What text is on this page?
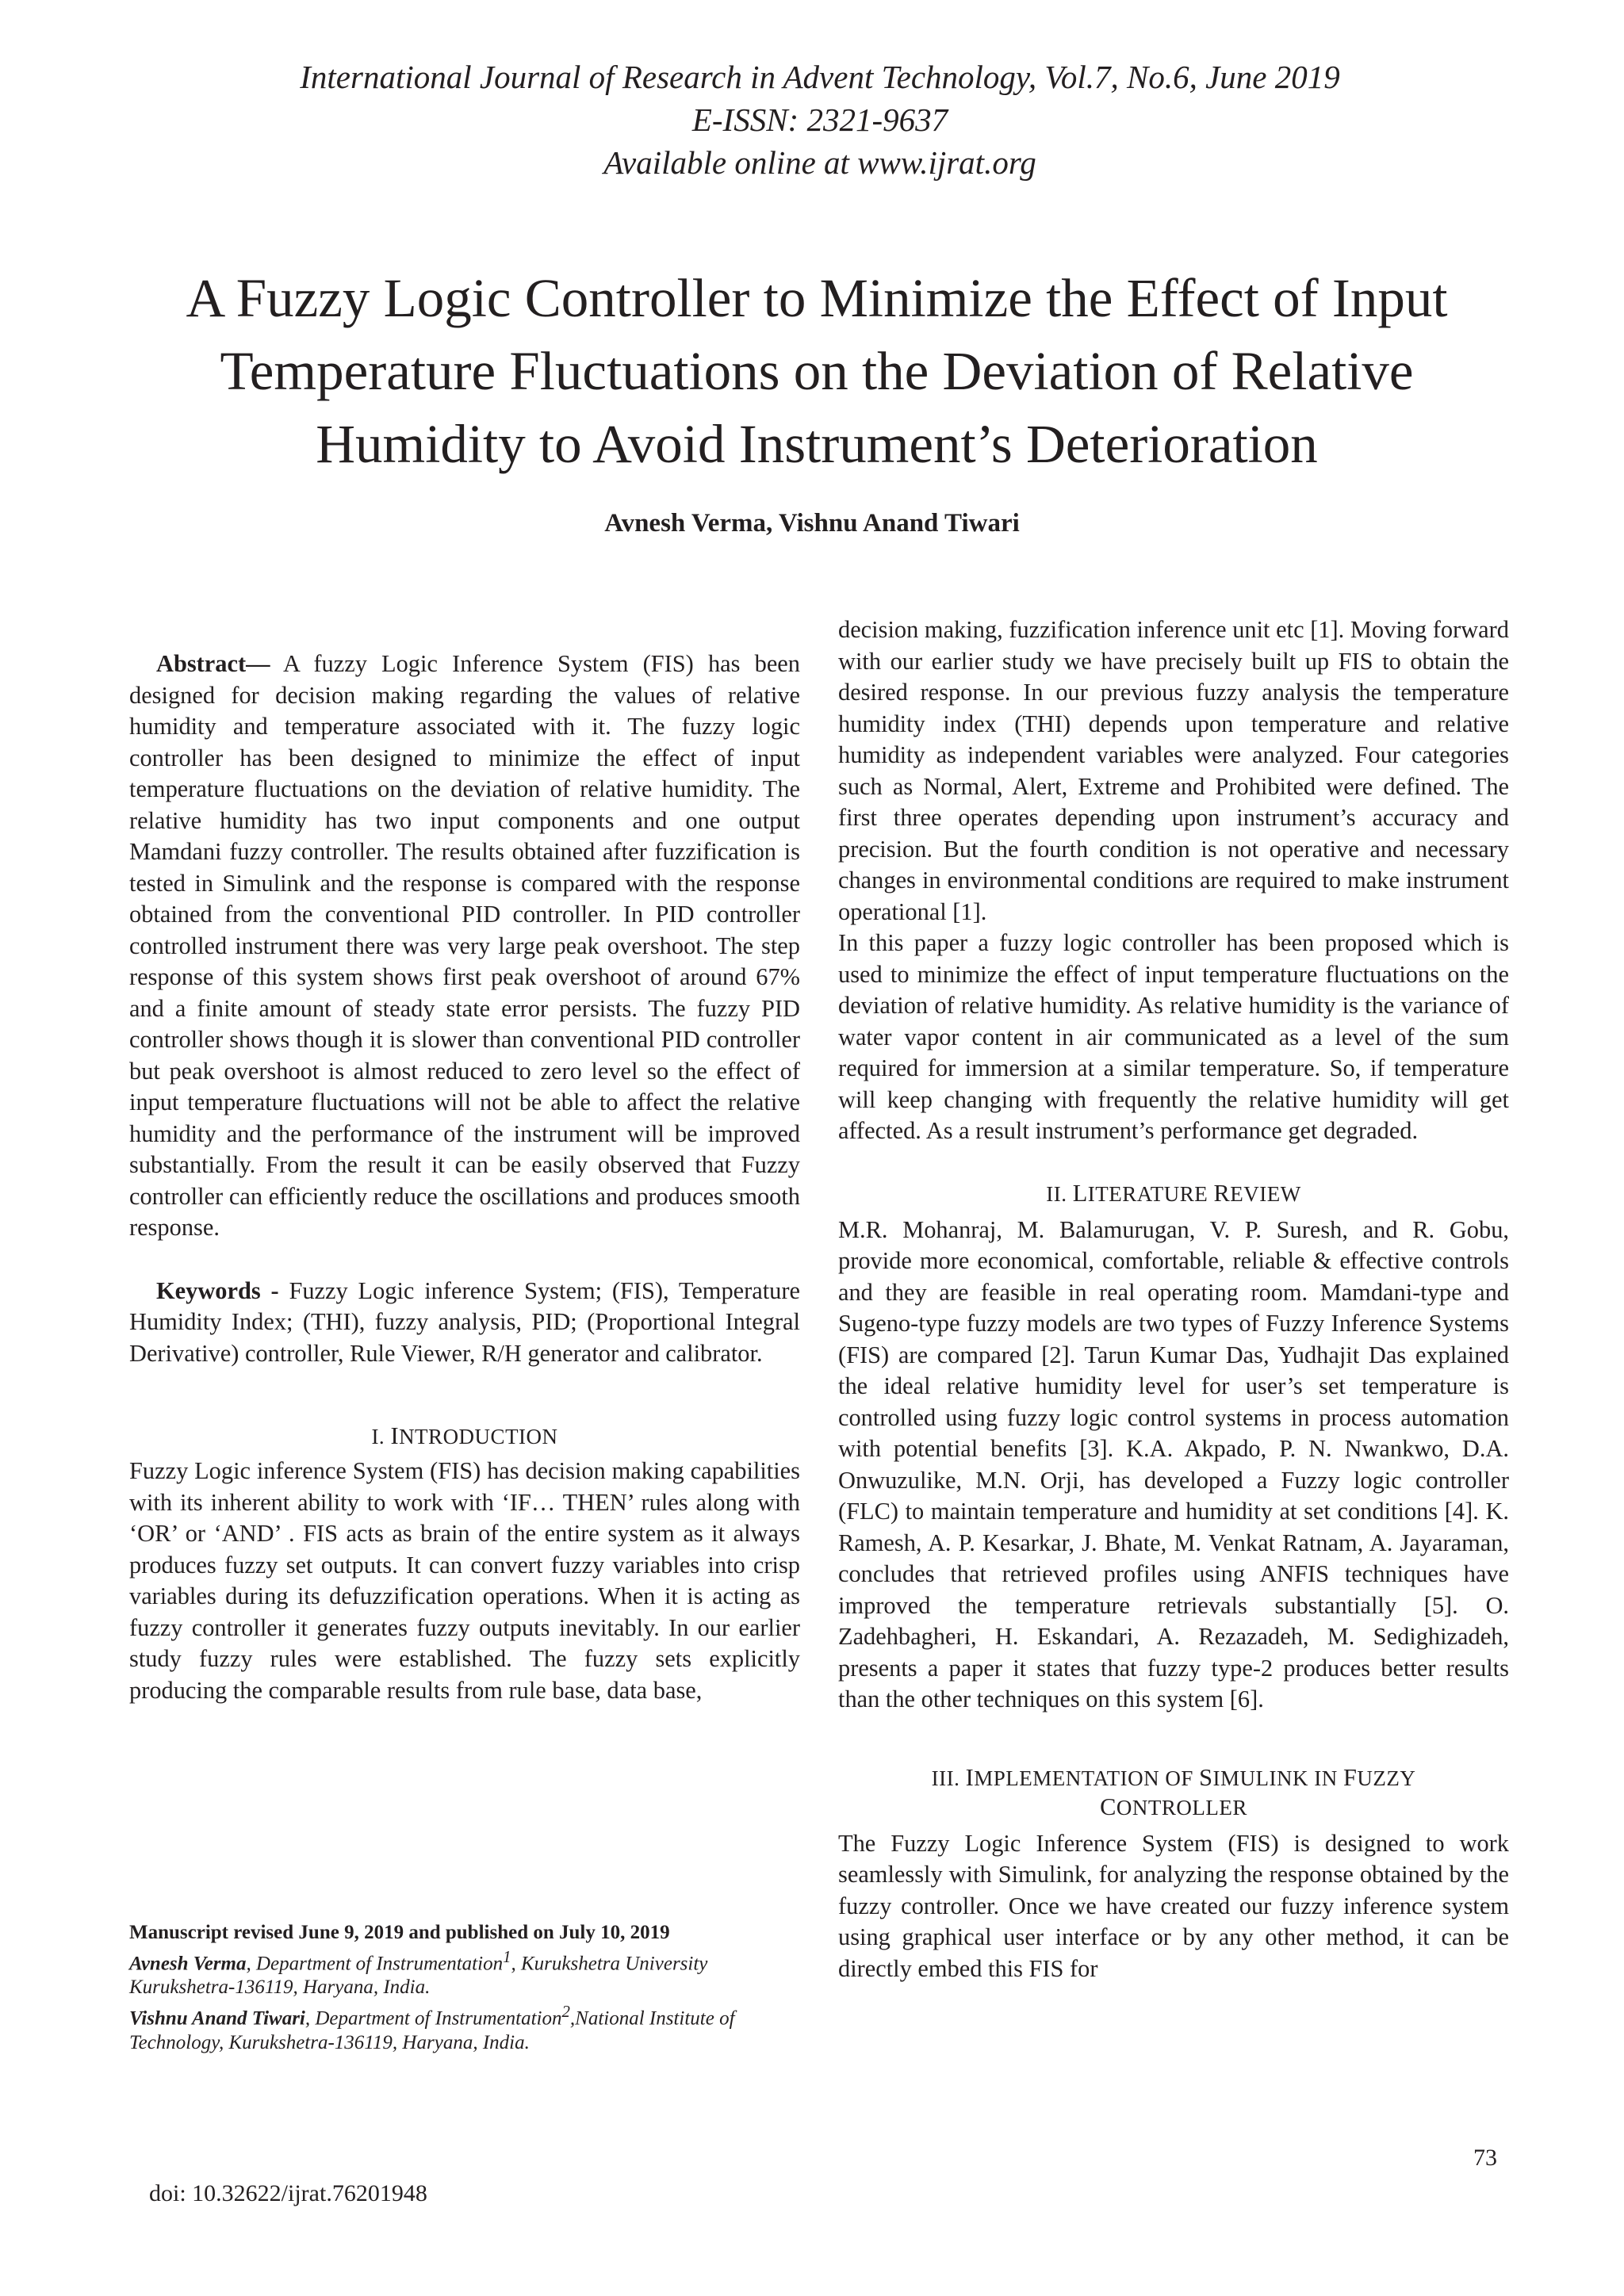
International Journal of Research in Advent Technology, Vol.7, No.6, June 2019
E-ISSN: 2321-9637
Available online at www.ijrat.org
A Fuzzy Logic Controller to Minimize the Effect of Input
Temperature Fluctuations on the Deviation of Relative
Humidity to Avoid Instrument’s Deterioration
Avnesh Verma, Vishnu Anand Tiwari

Abstract— A fuzzy Logic Inference System (FIS) has been designed for decision making regarding the values of relative humidity and temperature associated with it. The fuzzy logic controller has been designed to minimize the effect of input temperature fluctuations on the deviation of relative humidity. The relative humidity has two input components and one output Mamdani fuzzy controller. The results obtained after fuzzification is tested in Simulink and the response is compared with the response obtained from the conventional PID controller. In PID controller controlled instrument there was very large peak overshoot. The step response of this system shows first peak overshoot of around 67% and a finite amount of steady state error persists. The fuzzy PID controller shows though it is slower than conventional PID controller but peak overshoot is almost reduced to zero level so the effect of input temperature fluctuations will not be able to affect the relative humidity and the performance of the instrument will be improved substantially. From the result it can be easily observed that Fuzzy controller can efficiently reduce the oscillations and produces smooth response.

Keywords - Fuzzy Logic inference System; (FIS), Temperature Humidity Index; (THI), fuzzy analysis, PID; (Proportional Integral Derivative) controller, Rule Viewer, R/H generator and calibrator.

I. INTRODUCTION

Fuzzy Logic inference System (FIS) has decision making capabilities with its inherent ability to work with ‘IF… THEN’ rules along with ‘OR’ or ‘AND’ . FIS acts as brain of the entire system as it always produces fuzzy set outputs. It can convert fuzzy variables into crisp variables during its defuzzification operations. When it is acting as fuzzy controller it generates fuzzy outputs inevitably. In our earlier study fuzzy rules were established. The fuzzy sets explicitly producing the comparable results from rule base, data base,

decision making, fuzzification inference unit etc [1]. Moving forward with our earlier study we have precisely built up FIS to obtain the desired response. In our previous fuzzy analysis the temperature humidity index (THI) depends upon temperature and relative humidity as independent variables were analyzed. Four categories such as Normal, Alert, Extreme and Prohibited were defined. The first three operates depending upon instrument’s accuracy and precision. But the fourth condition is not operative and necessary changes in environmental conditions are required to make instrument operational [1].

In this paper a fuzzy logic controller has been proposed which is used to minimize the effect of input temperature fluctuations on the deviation of relative humidity. As relative humidity is the variance of water vapor content in air communicated as a level of the sum required for immersion at a similar temperature. So, if temperature will keep changing with frequently the relative humidity will get affected. As a result instrument’s performance get degraded.

II. LITERATURE REVIEW

M.R. Mohanraj, M. Balamurugan, V. P. Suresh, and R. Gobu, provide more economical, comfortable, reliable & effective controls and they are feasible in real operating room. Mamdani-type and Sugeno-type fuzzy models are two types of Fuzzy Inference Systems (FIS) are compared [2]. Tarun Kumar Das, Yudhajit Das explained the ideal relative humidity level for user’s set temperature is controlled using fuzzy logic control systems in process automation with potential benefits [3]. K.A. Akpado, P. N. Nwankwo, D.A. Onwuzulike, M.N. Orji, has developed a Fuzzy logic controller (FLC) to maintain temperature and humidity at set conditions [4]. K. Ramesh, A. P. Kesarkar, J. Bhate, M. Venkat Ratnam, A. Jayaraman, concludes that retrieved profiles using ANFIS techniques have improved the temperature retrievals substantially [5]. O. Zadehbagheri, H. Eskandari, A. Rezazadeh, M. Sedighizadeh, presents a paper it states that fuzzy type-2 produces better results than the other techniques on this system [6].

III. IMPLEMENTATION OF SIMULINK IN FUZZY
CONTROLLER

The Fuzzy Logic Inference System (FIS) is designed to work seamlessly with Simulink, for analyzing the response obtained by the fuzzy controller. Once we have created our fuzzy inference system using graphical user interface or by any other method, it can be directly embed this FIS for

Manuscript revised June 9, 2019 and published on July 10, 2019
Avnesh Verma, Department of Instrumentation$^1$, Kurukshetra University Kurukshetra-136119, Haryana, India.
Vishnu Anand Tiwari, Department of Instrumentation$^2$,National Institute of Technology, Kurukshetra-136119, Haryana, India.
73
doi: 10.32622/ijrat.76201948
